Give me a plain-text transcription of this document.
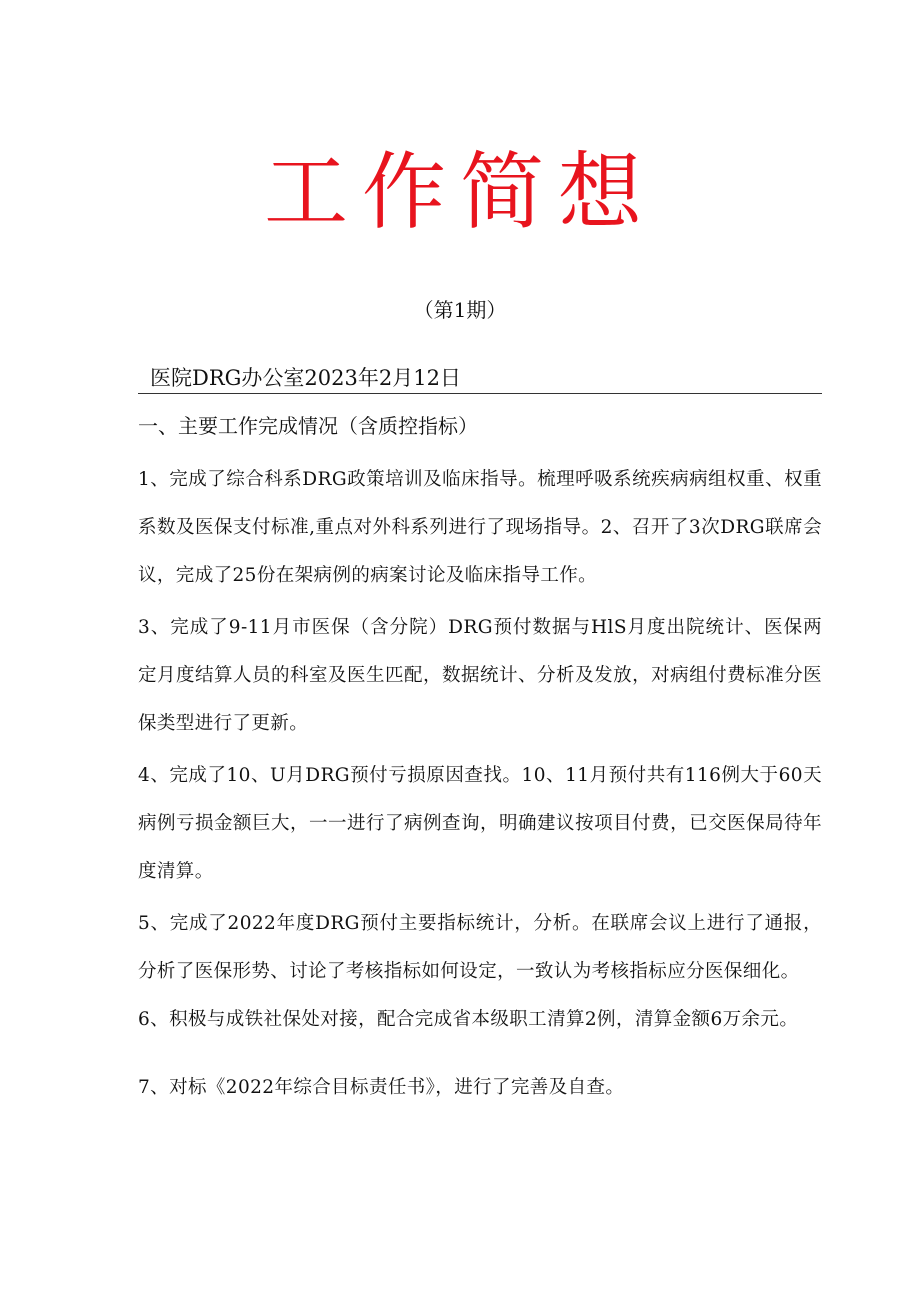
工作简想
（第1期）
医院DRG办公室2023年2月12日

一、主要工作完成情况（含质控指标）

1、完成了综合科系DRG政策培训及临床指导。梳理呼吸系统疾病病组权重、权重系数及医保支付标准,重点对外科系列进行了现场指导。2、召开了3次DRG联席会议，完成了25份在架病例的病案讨论及临床指导工作。

3、完成了9-11月市医保（含分院）DRG预付数据与HlS月度出院统计、医保两定月度结算人员的科室及医生匹配，数据统计、分析及发放，对病组付费标准分医保类型进行了更新。

4、完成了10、U月DRG预付亏损原因查找。10、11月预付共有116例大于60天病例亏损金额巨大，一一进行了病例查询，明确建议按项目付费，已交医保局待年度清算。

5、完成了2022年度DRG预付主要指标统计，分析。在联席会议上进行了通报，分析了医保形势、讨论了考核指标如何设定，一致认为考核指标应分医保细化。

6、积极与成铁社保处对接，配合完成省本级职工清算2例，清算金额6万余元。

7、对标《2022年综合目标责任书》，进行了完善及自查。
